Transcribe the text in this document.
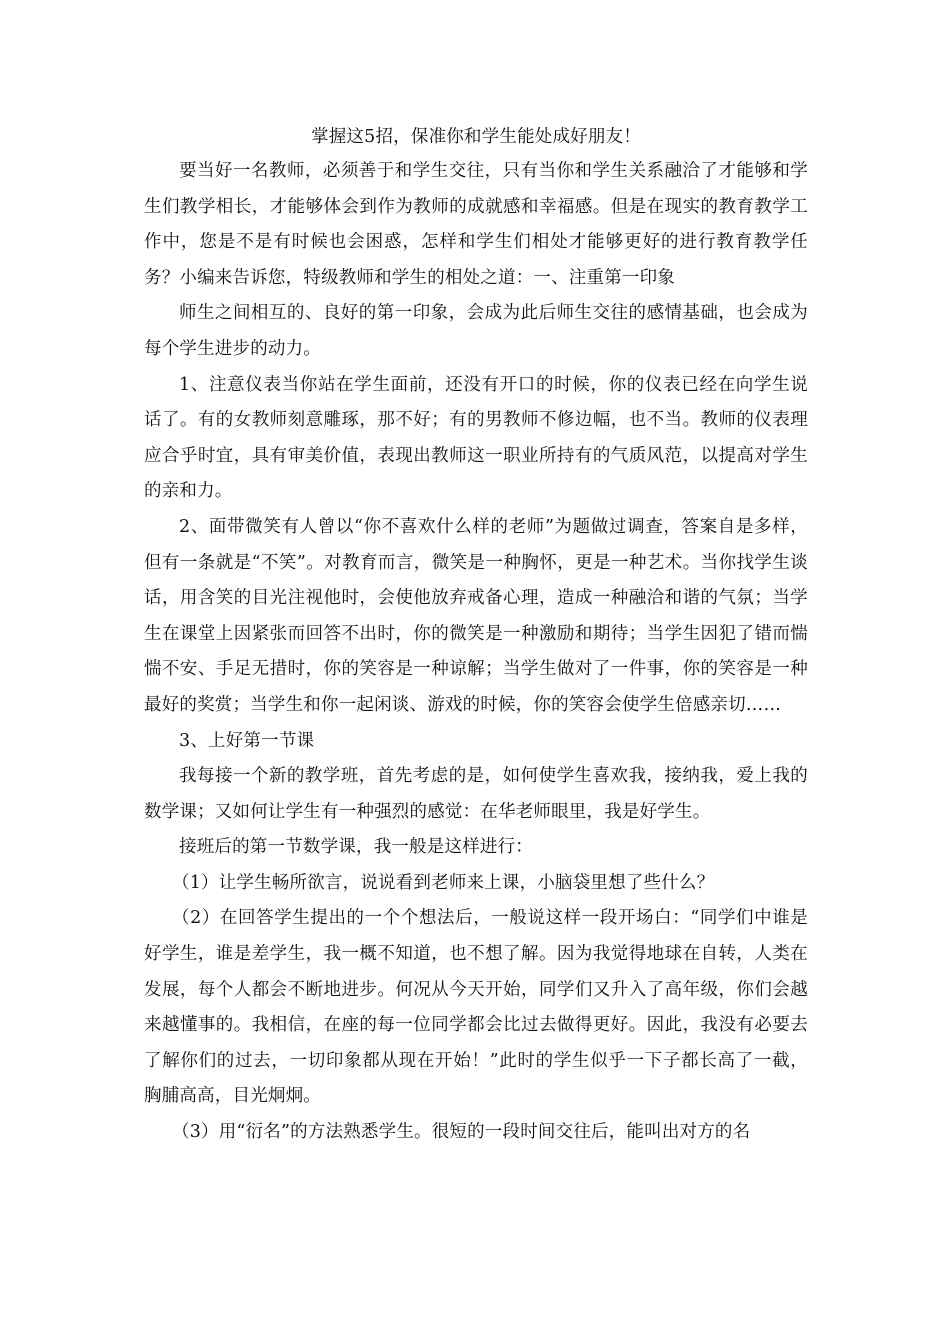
掌握这5招，保准你和学生能处成好朋友！

要当好一名教师，必须善于和学生交往，只有当你和学生关系融洽了才能够和学生们教学相长，才能够体会到作为教师的成就感和幸福感。但是在现实的教育教学工作中，您是不是有时候也会困惑，怎样和学生们相处才能够更好的进行教育教学任务？小编来告诉您，特级教师和学生的相处之道：一、注重第一印象

师生之间相互的、良好的第一印象，会成为此后师生交往的感情基础，也会成为每个学生进步的动力。

1、注意仪表当你站在学生面前，还没有开口的时候，你的仪表已经在向学生说话了。有的女教师刻意雕琢，那不好；有的男教师不修边幅，也不当。教师的仪表理应合乎时宜，具有审美价值，表现出教师这一职业所持有的气质风范，以提高对学生的亲和力。

2、面带微笑有人曾以“你不喜欢什么样的老师”为题做过调查，答案自是多样，但有一条就是“不笑”。对教育而言，微笑是一种胸怀，更是一种艺术。当你找学生谈话，用含笑的目光注视他时，会使他放弃戒备心理，造成一种融洽和谐的气氛；当学生在课堂上因紧张而回答不出时，你的微笑是一种激励和期待；当学生因犯了错而惴惴不安、手足无措时，你的笑容是一种谅解；当学生做对了一件事，你的笑容是一种最好的奖赏；当学生和你一起闲谈、游戏的时候，你的笑容会使学生倍感亲切……

3、上好第一节课

我每接一个新的教学班，首先考虑的是，如何使学生喜欢我，接纳我，爱上我的数学课；又如何让学生有一种强烈的感觉：在华老师眼里，我是好学生。

接班后的第一节数学课，我一般是这样进行：

（1）让学生畅所欲言，说说看到老师来上课，小脑袋里想了些什么？

（2）在回答学生提出的一个个想法后，一般说这样一段开场白：“同学们中谁是好学生，谁是差学生，我一概不知道，也不想了解。因为我觉得地球在自转，人类在发展，每个人都会不断地进步。何况从今天开始，同学们又升入了高年级，你们会越来越懂事的。我相信，在座的每一位同学都会比过去做得更好。因此，我没有必要去了解你们的过去，一切印象都从现在开始！”此时的学生似乎一下子都长高了一截，胸脯高高，目光炯炯。

（3）用“衍名”的方法熟悉学生。很短的一段时间交往后，能叫出对方的名
